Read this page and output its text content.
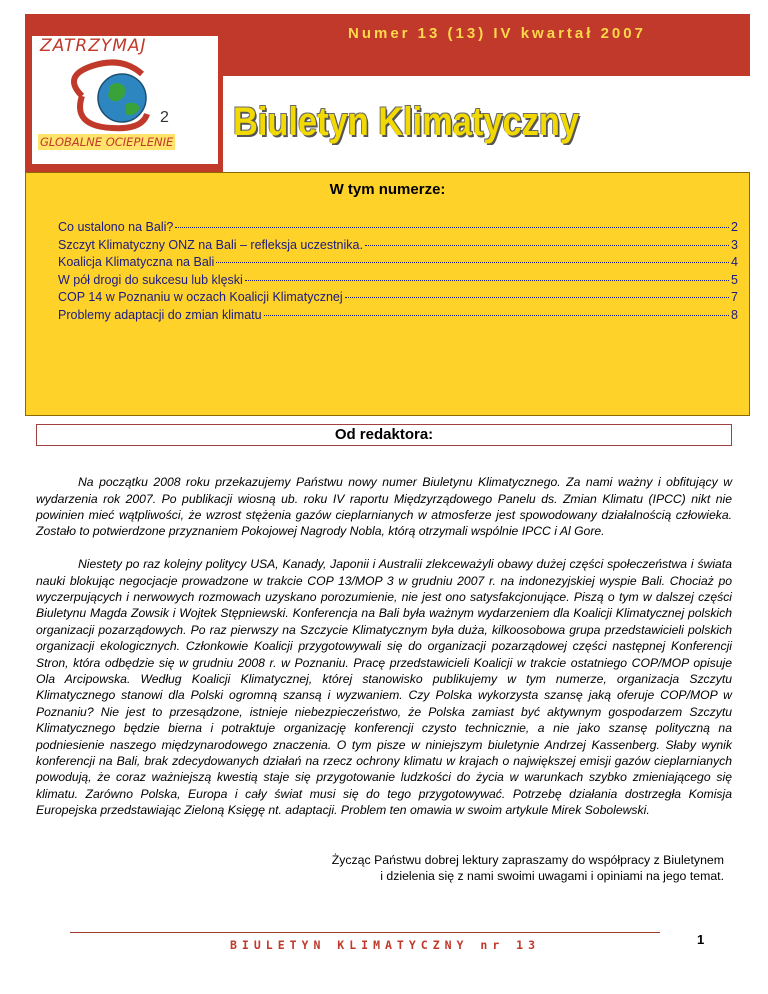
Numer 13 (13) IV kwartał 2007
ZATRZYMAJ
2
GLOBALNE OCIEPLENIE Biuletyn Klimatyczny
W tym numerze:
Co ustalono na Bali?	2
Szczyt Klimatyczny ONZ na Bali – refleksja uczestnika.	3
Koalicja Klimatyczna na Bali	4
W pół drogi do sukcesu lub klęski	5
COP 14 w Poznaniu w oczach Koalicji Klimatycznej	7
Problemy adaptacji do zmian klimatu	8
Od redaktora:

Na początku 2008 roku przekazujemy Państwu nowy numer Biuletynu Klimatycznego. Za nami ważny i obfitujący w wydarzenia rok 2007. Po publikacji wiosną ub. roku IV raportu Międzyrządowego Panelu ds. Zmian Klimatu (IPCC) nikt nie powinien mieć wątpliwości, że wzrost stężenia gazów cieplarnianych w atmosferze jest spowodowany działalnością człowieka. Zostało to potwierdzone przyznaniem Pokojowej Nagrody Nobla, którą otrzymali wspólnie IPCC i Al Gore.

Niestety po raz kolejny politycy USA, Kanady, Japonii i Australii zlekceważyli obawy dużej części społeczeństwa i świata nauki blokując negocjacje prowadzone w trakcie COP 13/MOP 3 w grudniu 2007 r. na indonezyjskiej wyspie Bali. Chociaż po wyczerpujących i nerwowych rozmowach uzyskano porozumienie, nie jest ono satysfakcjonujące. Piszą o tym w dalszej części Biuletynu Magda Zowsik i Wojtek Stępniewski. Konferencja na Bali była ważnym wydarzeniem dla Koalicji Klimatycznej polskich organizacji pozarządowych. Po raz pierwszy na Szczycie Klimatycznym była duża, kilkoosobowa grupa przedstawicieli polskich organizacji ekologicznych. Członkowie Koalicji przygotowywali się do organizacji pozarządowej części następnej Konferencji Stron, która odbędzie się w grudniu 2008 r. w Poznaniu. Pracę przedstawicieli Koalicji w trakcie ostatniego COP/MOP opisuje Ola Arcipowska. Według Koalicji Klimatycznej, której stanowisko publikujemy w tym numerze, organizacja Szczytu Klimatycznego stanowi dla Polski ogromną szansą i wyzwaniem. Czy Polska wykorzysta szansę jaką oferuje COP/MOP w Poznaniu? Nie jest to przesądzone, istnieje niebezpieczeństwo, że Polska zamiast być aktywnym gospodarzem Szczytu Klimatycznego będzie bierna i potraktuje organizację konferencji czysto technicznie, a nie jako szansę polityczną na podniesienie naszego międzynarodowego znaczenia. O tym pisze w niniejszym biuletynie Andrzej Kassenberg. Słaby wynik konferencji na Bali, brak zdecydowanych działań na rzecz ochrony klimatu w krajach o największej emisji gazów cieplarnianych powodują, że coraz ważniejszą kwestią staje się przygotowanie ludzkości do życia w warunkach szybko zmieniającego się klimatu. Zarówno Polska, Europa i cały świat musi się do tego przygotowywać. Potrzebę działania dostrzegła Komisja Europejska przedstawiając Zieloną Księgę nt. adaptacji. Problem ten omawia w swoim artykule Mirek Sobolewski.

Życząc Państwu dobrej lektury zapraszamy do współpracy z Biuletynem
i dzielenia się z nami swoimi uwagami i opiniami na jego temat.
BIULETYN KLIMATYCZNY nr 13	1
